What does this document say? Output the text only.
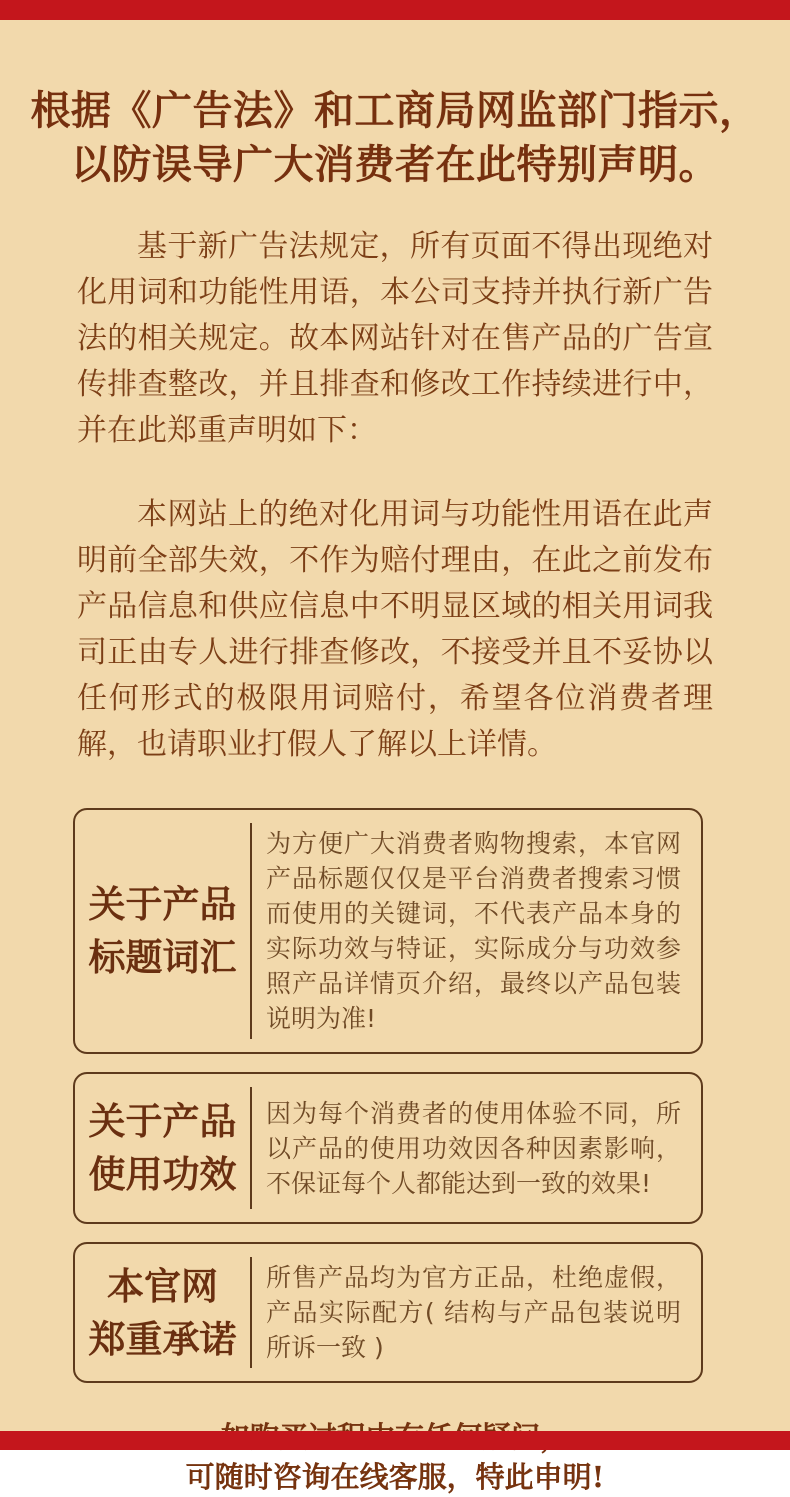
根据《广告法》和工商局网监部门指示，
以防误导广大消费者在此特别声明。

基于新广告法规定，所有页面不得出现绝对化用词和功能性用语，本公司支持并执行新广告法的相关规定。故本网站针对在售产品的广告宣传排查整改，并且排查和修改工作持续进行中，并在此郑重声明如下：

本网站上的绝对化用词与功能性用语在此声明前全部失效，不作为赔付理由，在此之前发布产品信息和供应信息中不明显区域的相关用词我司正由专人进行排查修改，不接受并且不妥协以任何形式的极限用词赔付，希望各位消费者理解，也请职业打假人了解以上详情。

关于产品
标题词汇
为方便广大消费者购物搜索，本官网产品标题仅仅是平台消费者搜索习惯而使用的关键词，不代表产品本身的实际功效与特证，实际成分与功效参照产品详情页介绍，最终以产品包装说明为准!
关于产品
使用功效
因为每个消费者的使用体验不同，所以产品的使用功效因各种因素影响，不保证每个人都能达到一致的效果!
本官网
郑重承诺
所售产品均为官方正品，杜绝虚假，产品实际配方( 结构与产品包装说明所诉一致 )
可随时咨询在线客服，特此申明!
